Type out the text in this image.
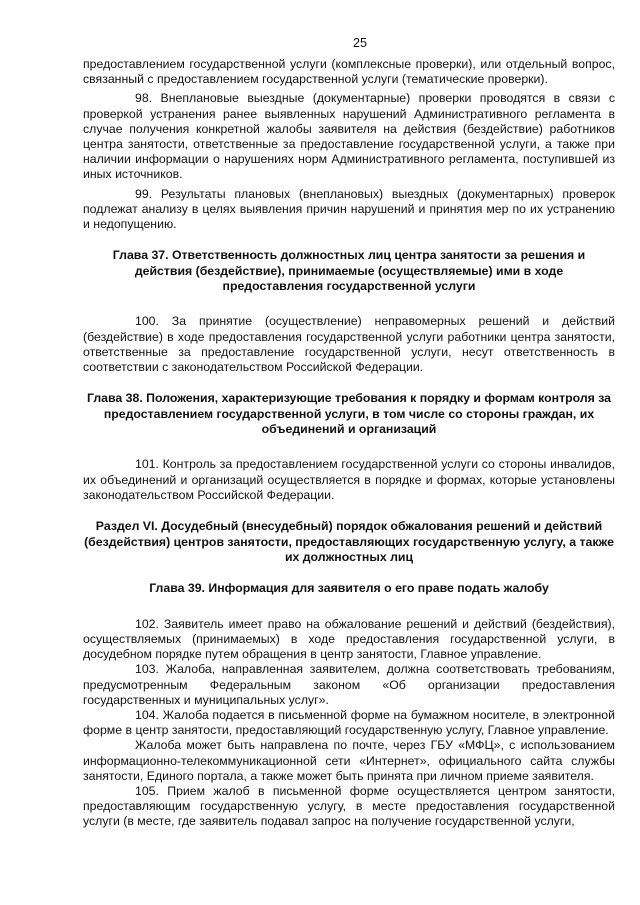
25

предоставлением государственной услуги (комплексные проверки), или отдельный вопрос, связанный с предоставлением государственной услуги (тематические проверки).

98. Внеплановые выездные (документарные) проверки проводятся в связи с проверкой устранения ранее выявленных нарушений Административного регламента в случае получения конкретной жалобы заявителя на действия (бездействие) работников центра занятости, ответственные за предоставление государственной услуги, а также при наличии информации о нарушениях норм Административного регламента, поступившей из иных источников.

99. Результаты плановых (внеплановых) выездных (документарных) проверок подлежат анализу в целях выявления причин нарушений и принятия мер по их устранению и недопущению.

Глава 37. Ответственность должностных лиц центра занятости за решения и действия (бездействие), принимаемые (осуществляемые) ими в ходе предоставления государственной услуги

100. За принятие (осуществление) неправомерных решений и действий (бездействие) в ходе предоставления государственной услуги работники центра занятости, ответственные за предоставление государственной услуги, несут ответственность в соответствии с законодательством Российской Федерации.

Глава 38. Положения, характеризующие требования к порядку и формам контроля за предоставлением государственной услуги, в том числе со стороны граждан, их объединений и организаций

101. Контроль за предоставлением государственной услуги со стороны инвалидов, их объединений и организаций осуществляется в порядке и формах, которые установлены законодательством Российской Федерации.

Раздел VI. Досудебный (внесудебный) порядок обжалования решений и действий (бездействия) центров занятости, предоставляющих государственную услугу, а также их должностных лиц

Глава 39. Информация для заявителя о его праве подать жалобу

102. Заявитель имеет право на обжалование решений и действий (бездействия), осуществляемых (принимаемых) в ходе предоставления государственной услуги, в досудебном порядке путем обращения в центр занятости, Главное управление.

103. Жалоба, направленная заявителем, должна соответствовать требованиям, предусмотренным Федеральным законом «Об организации предоставления государственных и муниципальных услуг».

104. Жалоба подается в письменной форме на бумажном носителе, в электронной форме в центр занятости, предоставляющий государственную услугу, Главное управление.

Жалоба может быть направлена по почте, через ГБУ «МФЦ», с использованием информационно-телекоммуникационной сети «Интернет», официального сайта службы занятости, Единого портала, а также может быть принята при личном приеме заявителя.

105. Прием жалоб в письменной форме осуществляется центром занятости, предоставляющим государственную услугу, в месте предоставления государственной услуги (в месте, где заявитель подавал запрос на получение государственной услуги,
